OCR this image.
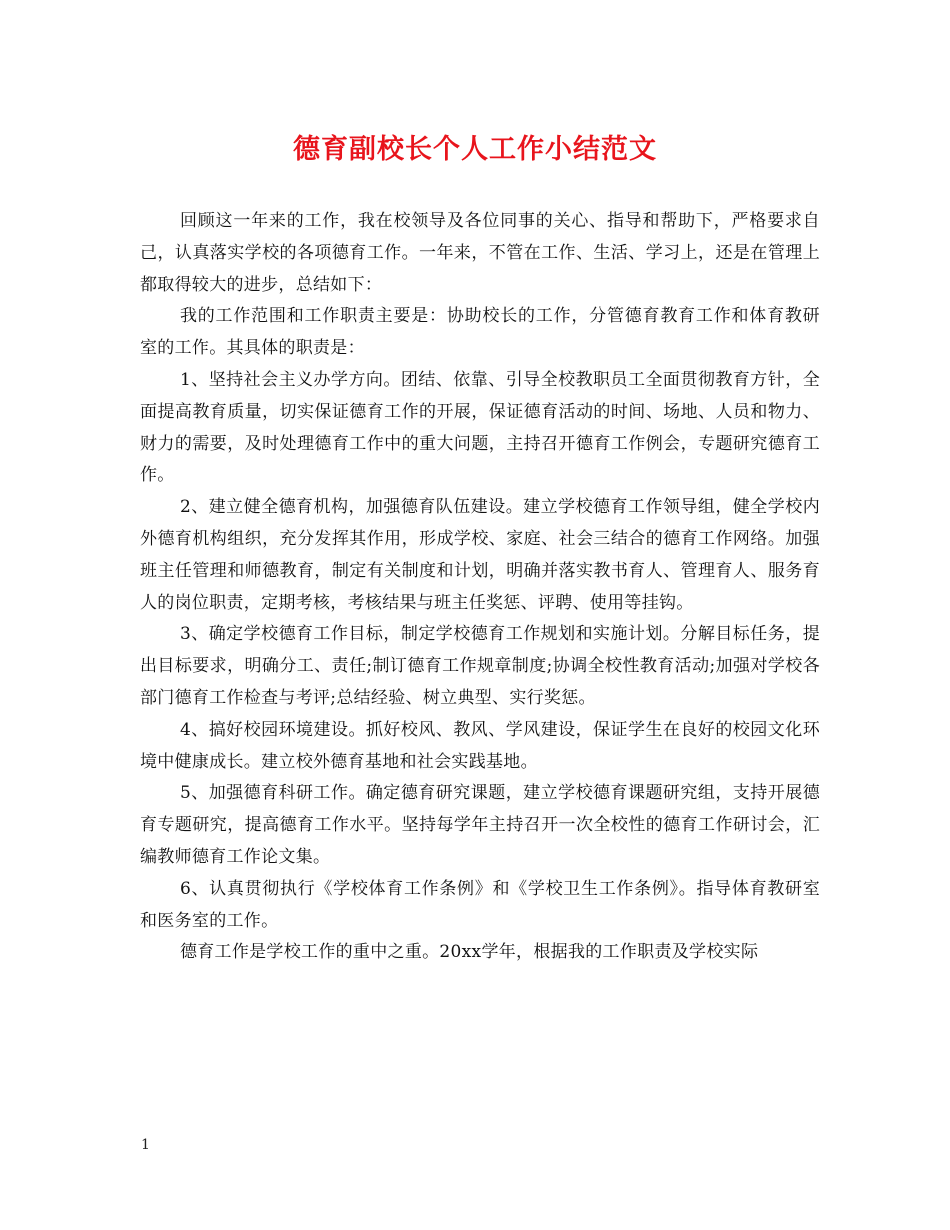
德育副校长个人工作小结范文

回顾这一年来的工作，我在校领导及各位同事的关心、指导和帮助下，严格要求自己，认真落实学校的各项德育工作。一年来，不管在工作、生活、学习上，还是在管理上都取得较大的进步，总结如下：

我的工作范围和工作职责主要是：协助校长的工作，分管德育教育工作和体育教研室的工作。其具体的职责是：

1、坚持社会主义办学方向。团结、依靠、引导全校教职员工全面贯彻教育方针，全面提高教育质量，切实保证德育工作的开展，保证德育活动的时间、场地、人员和物力、财力的需要，及时处理德育工作中的重大问题，主持召开德育工作例会，专题研究德育工作。

2、建立健全德育机构，加强德育队伍建设。建立学校德育工作领导组，健全学校内外德育机构组织，充分发挥其作用，形成学校、家庭、社会三结合的德育工作网络。加强班主任管理和师德教育，制定有关制度和计划，明确并落实教书育人、管理育人、服务育人的岗位职责，定期考核，考核结果与班主任奖惩、评聘、使用等挂钩。

3、确定学校德育工作目标，制定学校德育工作规划和实施计划。分解目标任务，提出目标要求，明确分工、责任;制订德育工作规章制度;协调全校性教育活动;加强对学校各部门德育工作检查与考评;总结经验、树立典型、实行奖惩。

4、搞好校园环境建设。抓好校风、教风、学风建设，保证学生在良好的校园文化环境中健康成长。建立校外德育基地和社会实践基地。

5、加强德育科研工作。确定德育研究课题，建立学校德育课题研究组，支持开展德育专题研究，提高德育工作水平。坚持每学年主持召开一次全校性的德育工作研讨会，汇编教师德育工作论文集。

6、认真贯彻执行《学校体育工作条例》和《学校卫生工作条例》。指导体育教研室和医务室的工作。

德育工作是学校工作的重中之重。20xx学年，根据我的工作职责及学校实际

1
